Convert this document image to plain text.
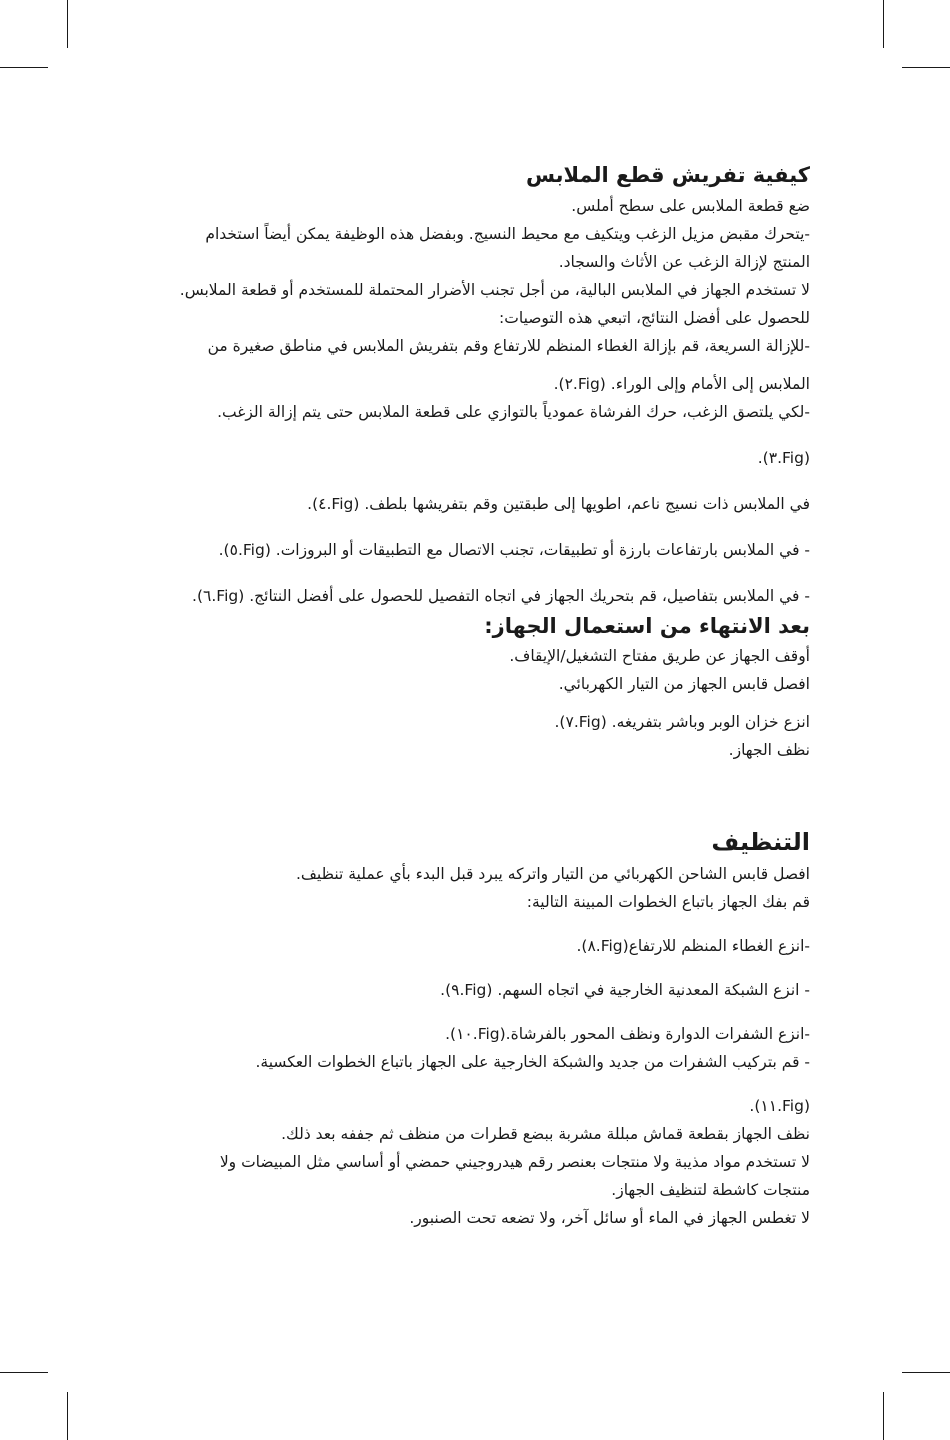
كيفية تفريش قطع الملابس

ضع قطعة الملابس على سطح أملس.

-يتحرك مقبض مزيل الزغب ويتكيف مع محيط النسيج. وبفضل هذه الوظيفة يمكن أيضاً استخدام

المنتج لإزالة الزغب عن الأثاث والسجاد.

لا تستخدم الجهاز في الملابس البالية، من أجل تجنب الأضرار المحتملة للمستخدم أو قطعة الملابس.

للحصول على أفضل النتائج، اتبعي هذه التوصيات:

-للإزالة السريعة، قم بإزالة الغطاء المنظم للارتفاع وقم بتفريش الملابس في مناطق صغيرة من

الملابس إلى الأمام وإلى الوراء. (Fig.٢).

-لكي يلتصق الزغب، حرك الفرشاة عمودياً بالتوازي على قطعة الملابس حتى يتم إزالة الزغب.

(Fig.٣).

في الملابس ذات نسيج ناعم، اطويها إلى طبقتين وقم بتفريشها بلطف. (Fig.٤).

- في الملابس بارتفاعات بارزة أو تطبيقات، تجنب الاتصال مع التطبيقات أو البروزات. (Fig.٥).

- في الملابس بتفاصيل، قم بتحريك الجهاز في اتجاه التفصيل للحصول على أفضل النتائج. (Fig.٦).

بعد الانتهاء من استعمال الجهاز:

أوقف الجهاز عن طريق مفتاح التشغيل/الإيقاف.

افصل قابس الجهاز من التيار الكهربائي.

انزع خزان الوبر وباشر بتفريغه. (Fig.٧).

نظف الجهاز.

التنظيف

افصل قابس الشاحن الكهربائي من التيار واتركه يبرد قبل البدء بأي عملية تنظيف.

قم بفك الجهاز باتباع الخطوات المبينة التالية:

-انزع الغطاء المنظم للارتفاع(Fig.٨).

- انزع الشبكة المعدنية الخارجية في اتجاه السهم. (Fig.٩).

-انزع الشفرات الدوارة ونظف المحور بالفرشاة.(Fig.١٠).

- قم بتركيب الشفرات من جديد والشبكة الخارجية على الجهاز باتباع الخطوات العكسية.

(Fig.١١).

نظف الجهاز بقطعة قماش مبللة مشربة ببضع قطرات من منظف ثم جففه بعد ذلك.

لا تستخدم مواد مذيبة ولا منتجات بعنصر رقم هيدروجيني حمضي أو أساسي مثل المبيضات ولا

منتجات كاشطة لتنظيف الجهاز.

لا تغطس الجهاز في الماء أو سائل آخر، ولا تضعه تحت الصنبور.
